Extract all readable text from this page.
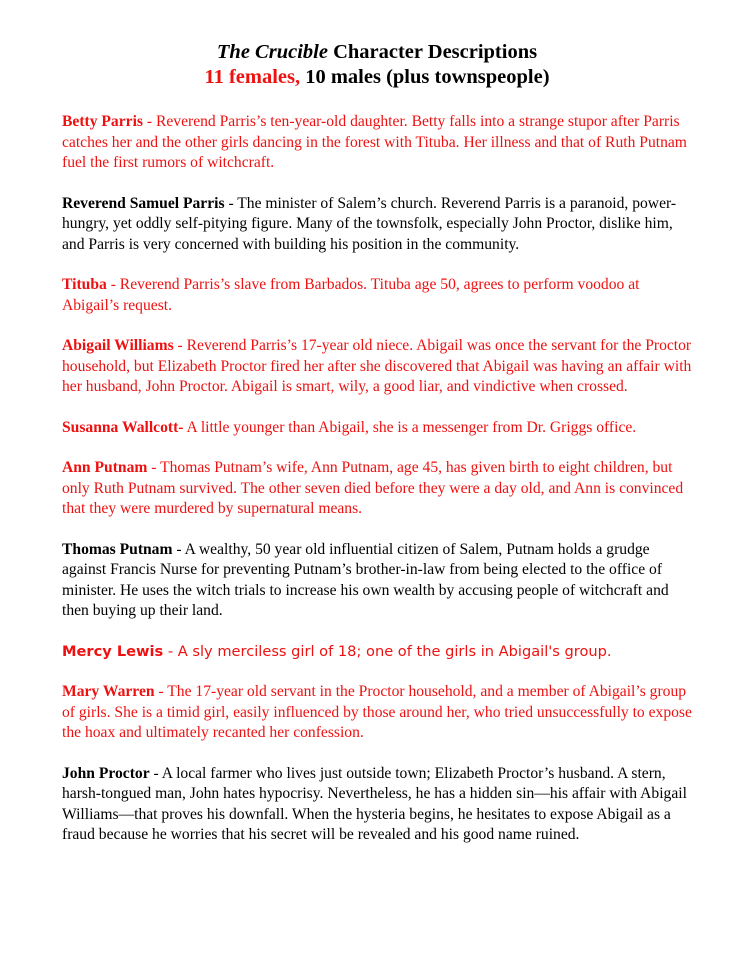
The Crucible Character Descriptions

11 females, 10 males (plus townspeople)

Betty Parris - Reverend Parris’s ten-year-old daughter. Betty falls into a strange stupor after Parris catches her and the other girls dancing in the forest with Tituba. Her illness and that of Ruth Putnam fuel the first rumors of witchcraft.

Reverend Samuel Parris - The minister of Salem’s church. Reverend Parris is a paranoid, power-hungry, yet oddly self-pitying figure. Many of the townsfolk, especially John Proctor, dislike him, and Parris is very concerned with building his position in the community.

Tituba - Reverend Parris’s slave from Barbados. Tituba age 50, agrees to perform voodoo at Abigail’s request.

Abigail Williams - Reverend Parris’s 17-year old niece. Abigail was once the servant for the Proctor household, but Elizabeth Proctor fired her after she discovered that Abigail was having an affair with her husband, John Proctor. Abigail is smart, wily, a good liar, and vindictive when crossed.

Susanna Wallcott- A little younger than Abigail, she is a messenger from Dr. Griggs office.

Ann Putnam - Thomas Putnam’s wife, Ann Putnam, age 45, has given birth to eight children, but only Ruth Putnam survived. The other seven died before they were a day old, and Ann is convinced that they were murdered by supernatural means.

Thomas Putnam - A wealthy, 50 year old influential citizen of Salem, Putnam holds a grudge against Francis Nurse for preventing Putnam’s brother-in-law from being elected to the office of minister. He uses the witch trials to increase his own wealth by accusing people of witchcraft and then buying up their land.

Mercy Lewis - A sly merciless girl of 18; one of the girls in Abigail's group.

Mary Warren - The 17-year old servant in the Proctor household, and a member of Abigail’s group of girls. She is a timid girl, easily influenced by those around her, who tried unsuccessfully to expose the hoax and ultimately recanted her confession.

John Proctor - A local farmer who lives just outside town; Elizabeth Proctor’s husband. A stern, harsh-tongued man, John hates hypocrisy. Nevertheless, he has a hidden sin—his affair with Abigail Williams—that proves his downfall. When the hysteria begins, he hesitates to expose Abigail as a fraud because he worries that his secret will be revealed and his good name ruined.
